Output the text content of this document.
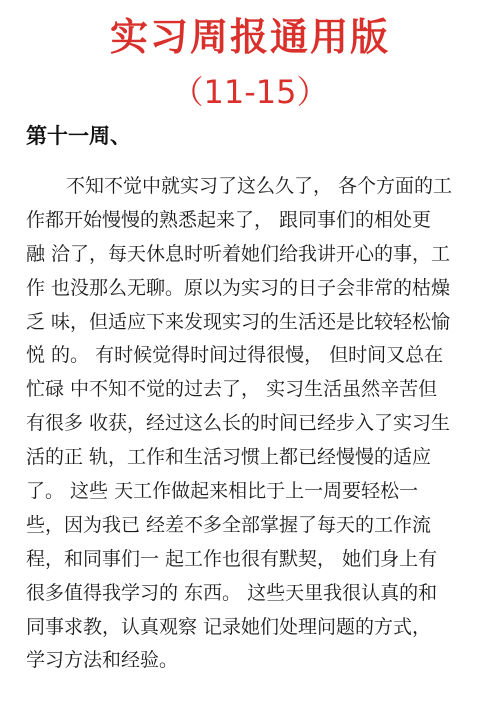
实习周报通用版
（11-15）
第十一周、
不知不觉中就实习了这么久了， 各个方面的工
作都开始慢慢的熟悉起来了， 跟同事们的相处更
融 洽了，每天休息时听着她们给我讲开心的事，工
作 也没那么无聊。原以为实习的日子会非常的枯燥
乏 味，但适应下来发现实习的生活还是比较轻松愉
悦 的。 有时候觉得时间过得很慢， 但时间又总在
忙碌 中不知不觉的过去了， 实习生活虽然辛苦但
有很多 收获，经过这么长的时间已经步入了实习生
活的正 轨，工作和生活习惯上都已经慢慢的适应
了。 这些 天工作做起来相比于上一周要轻松一
些，因为我已 经差不多全部掌握了每天的工作流
程，和同事们一 起工作也很有默契， 她们身上有
很多值得我学习的 东西。 这些天里我很认真的和
同事求教，认真观察 记录她们处理问题的方式，
学习方法和经验。
